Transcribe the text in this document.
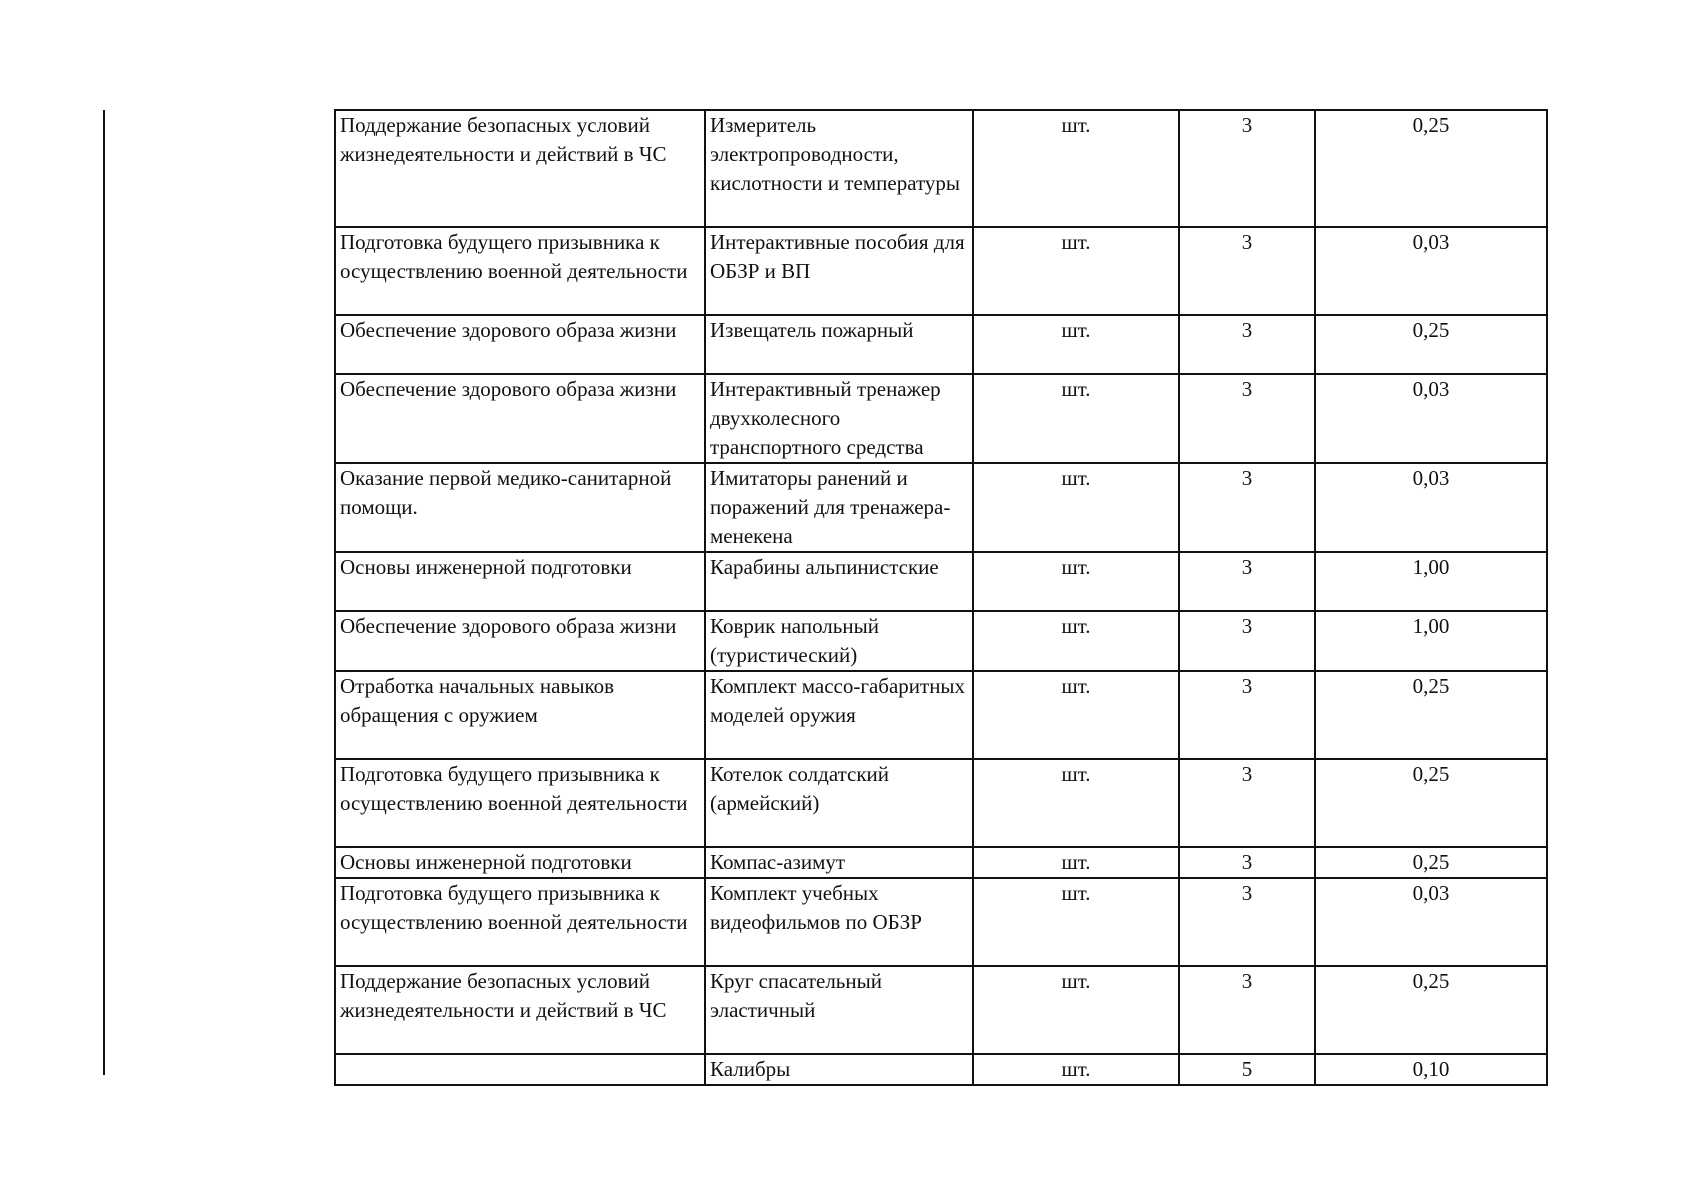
Поддержание безопасных условий жизнедеятельности и действий в ЧС	Измеритель электропроводности, кислотности и температуры	шт.	3	0,25

Подготовка будущего призывника к осуществлению военной деятельности	Интерактивные пособия для ОБЗР и ВП	шт.	3	0,03

Обеспечение здорового образа жизни	Извещатель пожарный	шт.	3	0,25

Обеспечение здорового образа жизни	Интерактивный тренажер двухколесного транспортного средства	шт.	3	0,03

Оказание первой медико-санитарной помощи.	Имитаторы ранений и поражений для тренажера-менекена	шт.	3	0,03

Основы инженерной подготовки	Карабины альпинистские	шт.	3	1,00

Обеспечение здорового образа жизни	Коврик напольный (туристический)	шт.	3	1,00

Отработка начальных навыков обращения с оружием	Комплект массо-габаритных моделей оружия	шт.	3	0,25

Подготовка будущего призывника к осуществлению военной деятельности	Котелок солдатский (армейский)	шт.	3	0,25

Основы инженерной подготовки	Компас-азимут	шт.	3	0,25

Подготовка будущего призывника к осуществлению военной деятельности	Комплект учебных видеофильмов по ОБЗР	шт.	3	0,03

Поддержание безопасных условий жизнедеятельности и действий в ЧС	Круг спасательный эластичный	шт.	3	0,25

	Калибры	шт.	5	0,10
